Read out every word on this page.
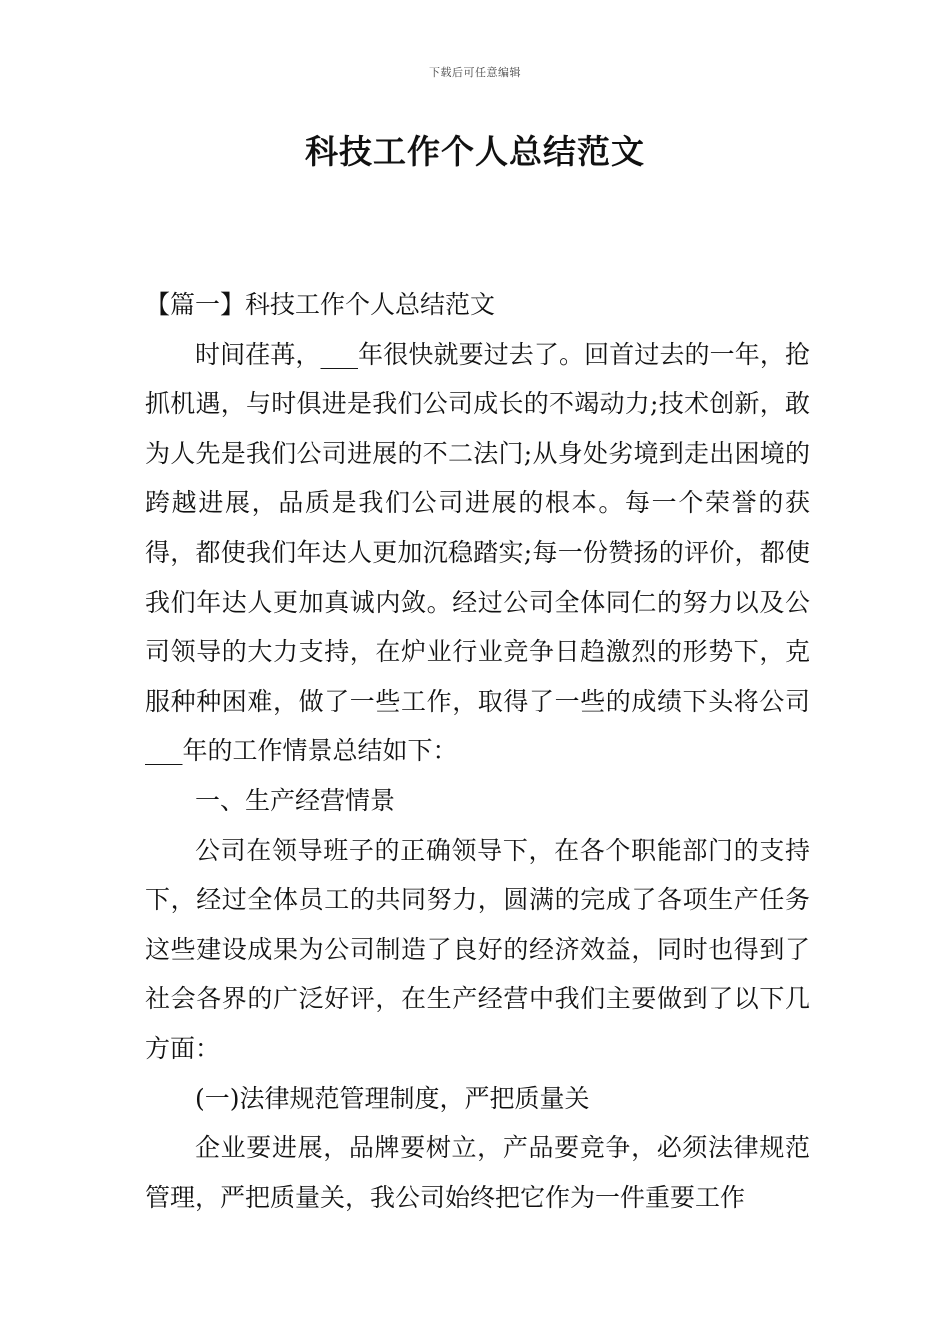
下载后可任意编辑
科技工作个人总结范文

【篇一】科技工作个人总结范文

时间荏苒，___年很快就要过去了。回首过去的一年，抢抓机遇，与时俱进是我们公司成长的不竭动力;技术创新，敢为人先是我们公司进展的不二法门;从身处劣境到走出困境的跨越进展，品质是我们公司进展的根本。每一个荣誉的获得，都使我们年达人更加沉稳踏实;每一份赞扬的评价，都使我们年达人更加真诚内敛。经过公司全体同仁的努力以及公司领导的大力支持，在炉业行业竞争日趋激烈的形势下，克服种种困难，做了一些工作，取得了一些的成绩下头将公司___年的工作情景总结如下：

一、生产经营情景

公司在领导班子的正确领导下，在各个职能部门的支持下，经过全体员工的共同努力，圆满的完成了各项生产任务这些建设成果为公司制造了良好的经济效益，同时也得到了社会各界的广泛好评，在生产经营中我们主要做到了以下几方面：

(一)法律规范管理制度，严把质量关

企业要进展，品牌要树立，产品要竞争，必须法律规范管理，严把质量关，我公司始终把它作为一件重要工作
